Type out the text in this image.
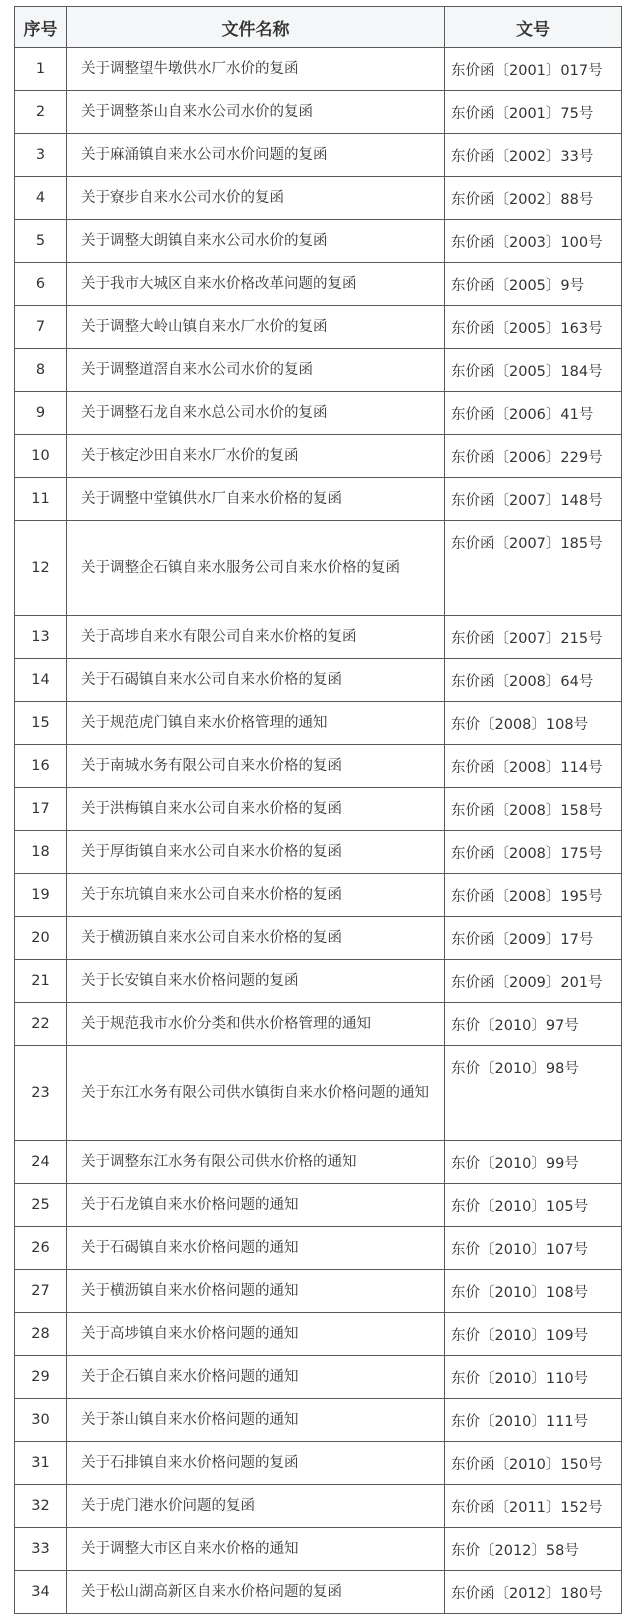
序号	文件名称	文号
1	关于调整望牛墩供水厂水价的复函	东价函〔2001〕017号
2	关于调整茶山自来水公司水价的复函	东价函〔2001〕75号
3	关于麻涌镇自来水公司水价问题的复函	东价函〔2002〕33号
4	关于寮步自来水公司水价的复函	东价函〔2002〕88号
5	关于调整大朗镇自来水公司水价的复函	东价函〔2003〕100号
6	关于我市大城区自来水价格改革问题的复函	东价函〔2005〕9号
7	关于调整大岭山镇自来水厂水价的复函	东价函〔2005〕163号
8	关于调整道滘自来水公司水价的复函	东价函〔2005〕184号
9	关于调整石龙自来水总公司水价的复函	东价函〔2006〕41号
10	关于核定沙田自来水厂水价的复函	东价函〔2006〕229号
11	关于调整中堂镇供水厂自来水价格的复函	东价函〔2007〕148号
12	关于调整企石镇自来水服务公司自来水价格的复函	东价函〔2007〕185号
13	关于高埗自来水有限公司自来水价格的复函	东价函〔2007〕215号
14	关于石碣镇自来水公司自来水价格的复函	东价函〔2008〕64号
15	关于规范虎门镇自来水价格管理的通知	东价〔2008〕108号
16	关于南城水务有限公司自来水价格的复函	东价函〔2008〕114号
17	关于洪梅镇自来水公司自来水价格的复函	东价函〔2008〕158号
18	关于厚街镇自来水公司自来水价格的复函	东价函〔2008〕175号
19	关于东坑镇自来水公司自来水价格的复函	东价函〔2008〕195号
20	关于横沥镇自来水公司自来水价格的复函	东价函〔2009〕17号
21	关于长安镇自来水价格问题的复函	东价函〔2009〕201号
22	关于规范我市水价分类和供水价格管理的通知	东价〔2010〕97号
23	关于东江水务有限公司供水镇街自来水价格问题的通知	东价〔2010〕98号
24	关于调整东江水务有限公司供水价格的通知	东价〔2010〕99号
25	关于石龙镇自来水价格问题的通知	东价〔2010〕105号
26	关于石碣镇自来水价格问题的通知	东价〔2010〕107号
27	关于横沥镇自来水价格问题的通知	东价〔2010〕108号
28	关于高埗镇自来水价格问题的通知	东价〔2010〕109号
29	关于企石镇自来水价格问题的通知	东价〔2010〕110号
30	关于茶山镇自来水价格问题的通知	东价〔2010〕111号
31	关于石排镇自来水价格问题的复函	东价函〔2010〕150号
32	关于虎门港水价问题的复函	东价函〔2011〕152号
33	关于调整大市区自来水价格的通知	东价〔2012〕58号
34	关于松山湖高新区自来水价格问题的复函	东价函〔2012〕180号
